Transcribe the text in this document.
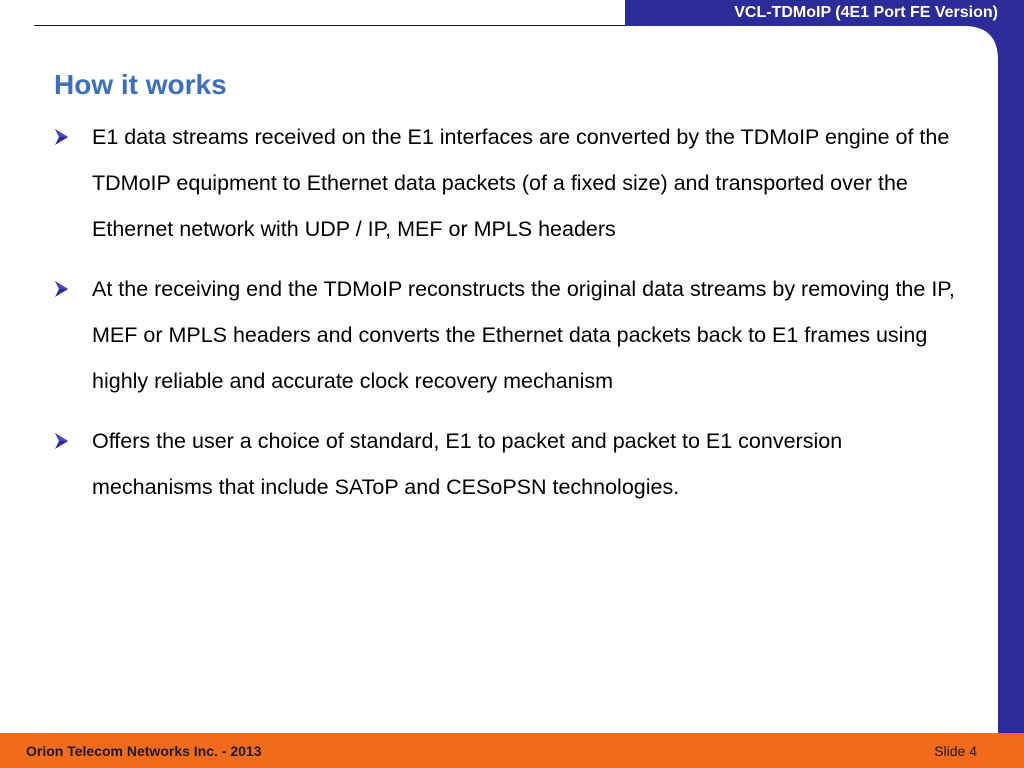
VCL-TDMoIP (4E1 Port FE Version)
How it works
E1 data streams received on the E1 interfaces are converted by the TDMoIP engine of the TDMoIP equipment to Ethernet data packets (of a fixed size) and transported over the Ethernet network with UDP / IP, MEF or MPLS headers
At the receiving end the TDMoIP reconstructs the original data streams by removing the IP, MEF or MPLS headers and converts the Ethernet data packets back to E1 frames using highly reliable and accurate clock recovery mechanism
Offers the user a choice of standard, E1 to packet and packet to E1 conversion mechanisms that include SAToP and CESoPSN technologies.
Orion Telecom Networks Inc. - 2013	Slide 4
